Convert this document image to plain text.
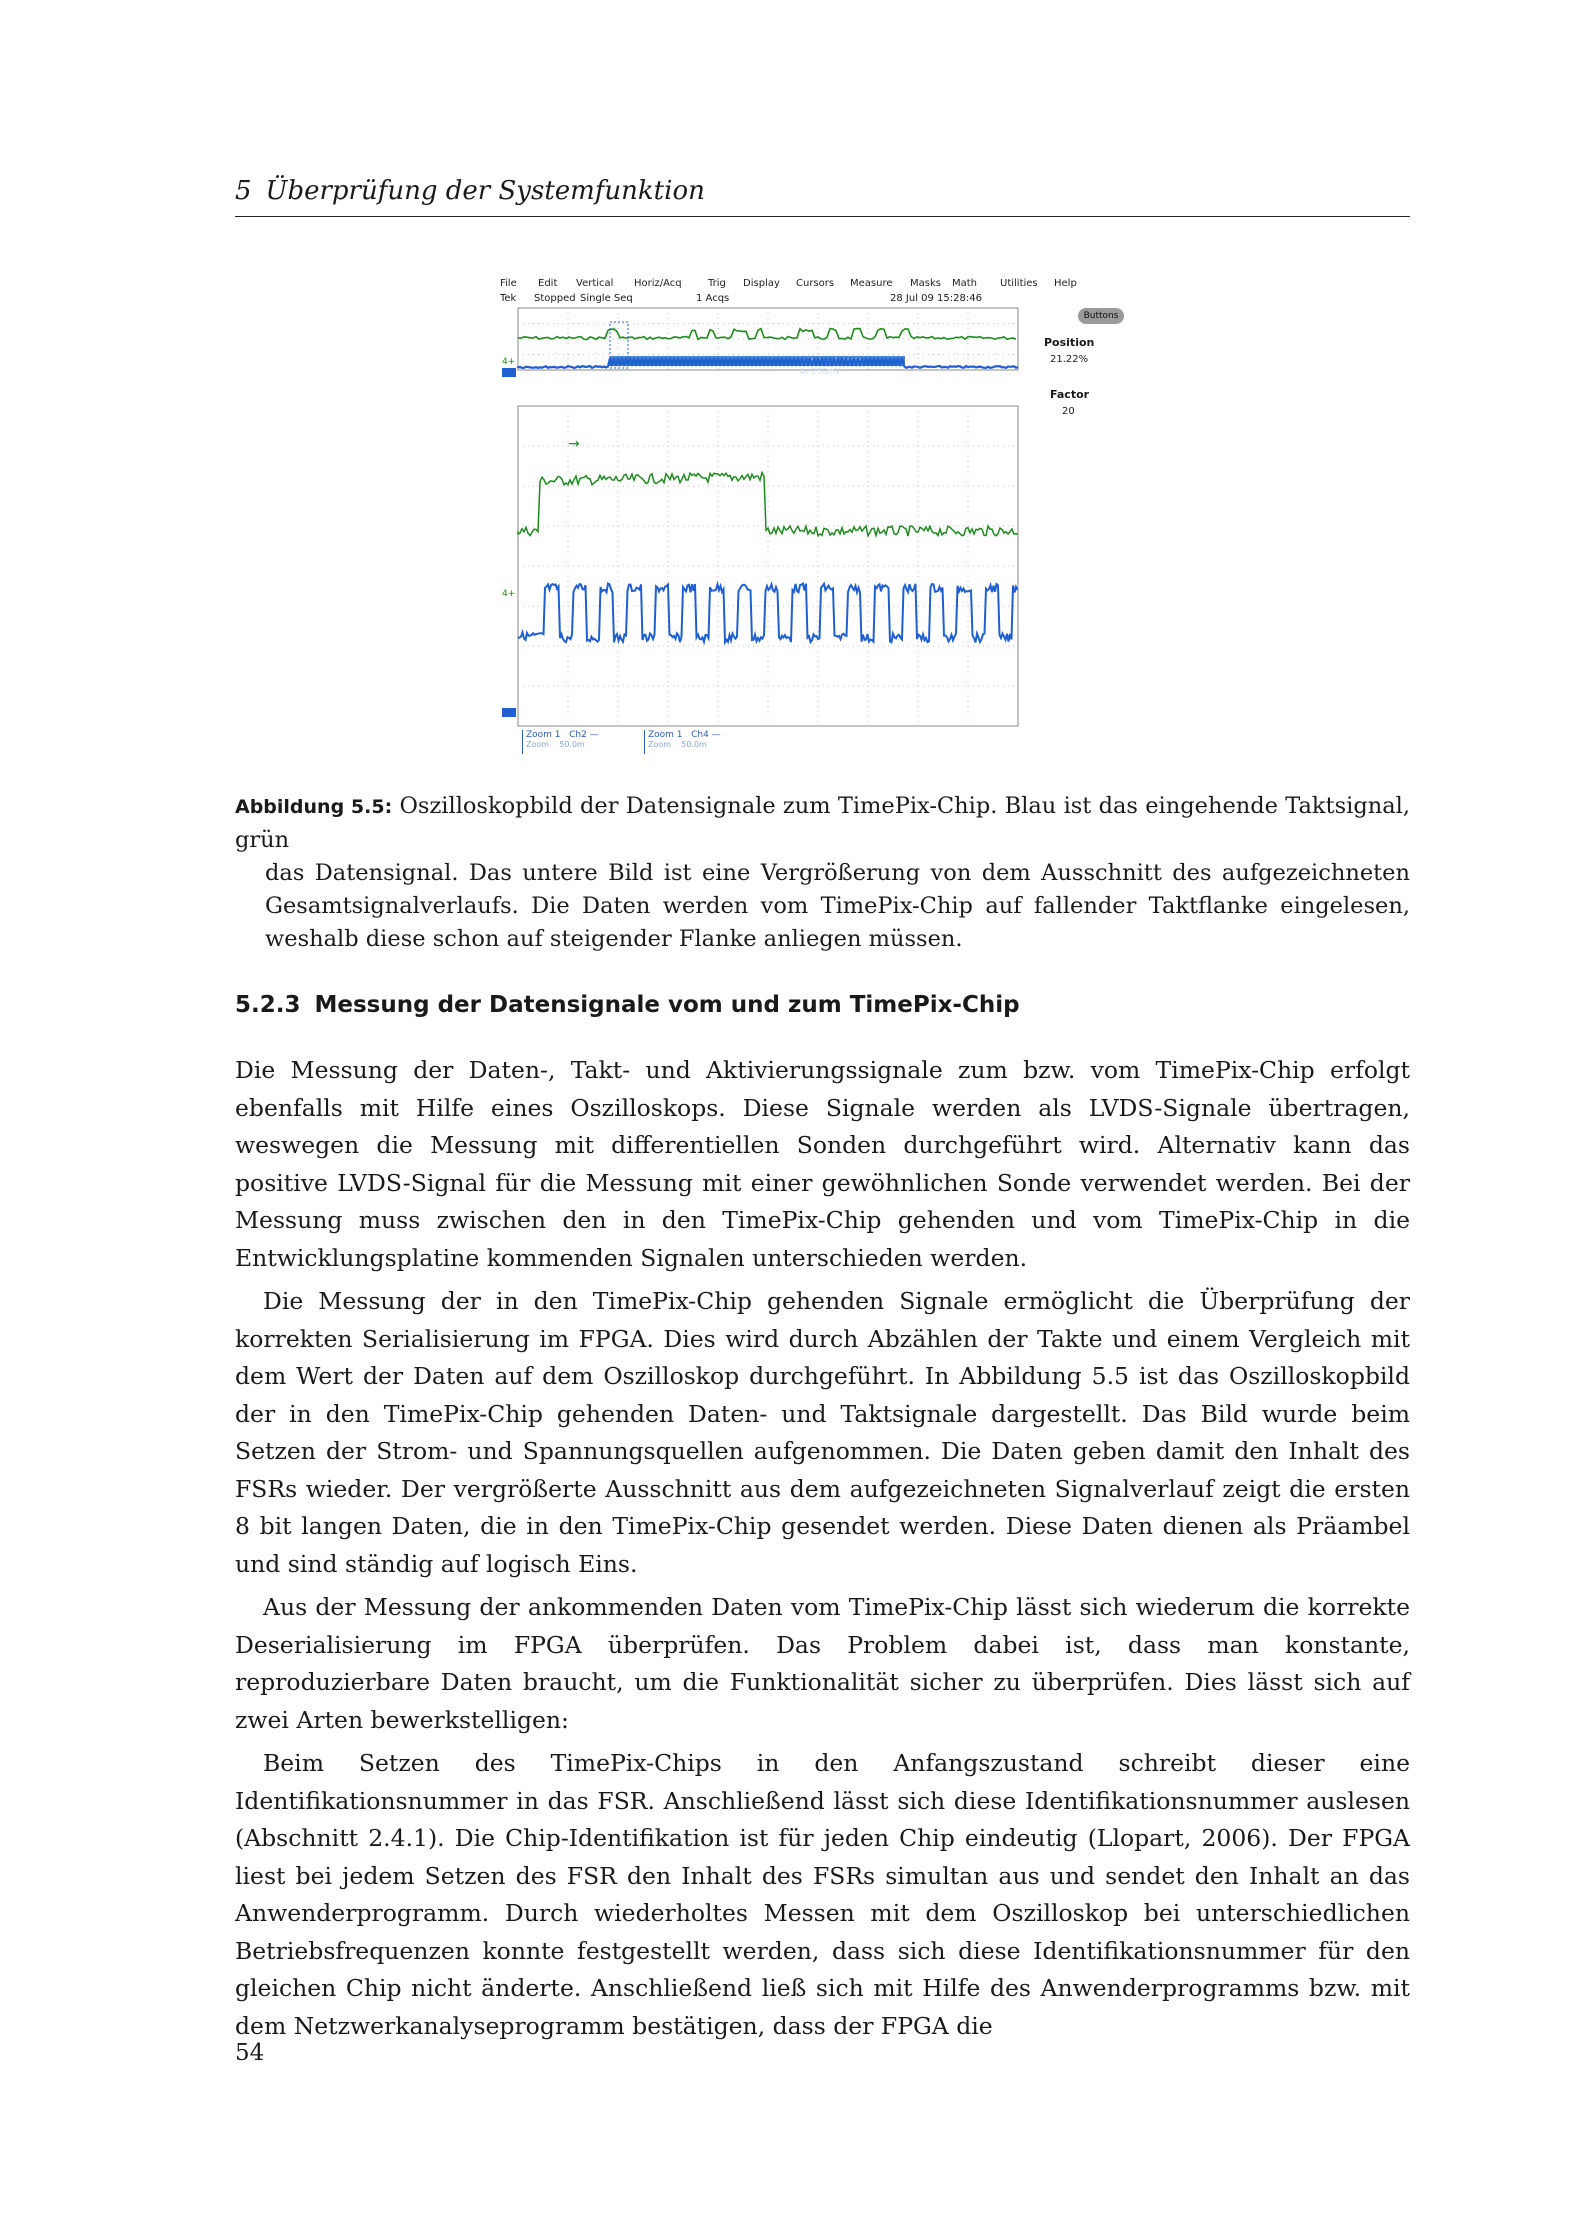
5 Überprüfung der Systemfunktion
File Edit Vertical Horiz/Acq	Trig Display Cursors Measure Masks Math Utilities Help
Tek Stopped Single Seq	1 Acqs	28 Jul 09 15:28:46
Buttons
Position
21.22%
Factor
20
M 1.0µs 5.0GS/s
A ⁄ 250mV
4+
→
4+
Zoom 1 Ch2 —
Zoom 50.0m
Zoom 1 Ch4 —
Zoom 50.0m
Abbildung 5.5: Oszilloskopbild der Datensignale zum TimePix-Chip. Blau ist das eingehende Taktsignal, grün
das Datensignal. Das untere Bild ist eine Vergrößerung von dem Ausschnitt des aufgezeichneten Gesamtsignalverlaufs. Die Daten werden vom TimePix-Chip auf fallender Taktflanke eingelesen, weshalb diese schon auf steigender Flanke anliegen müssen.
5.2.3 Messung der Datensignale vom und zum TimePix-Chip

Die Messung der Daten-, Takt- und Aktivierungssignale zum bzw. vom TimePix-Chip erfolgt ebenfalls mit Hilfe eines Oszilloskops. Diese Signale werden als LVDS-Signale übertragen, weswegen die Messung mit differentiellen Sonden durchgeführt wird. Alternativ kann das positive LVDS-Signal für die Messung mit einer gewöhnlichen Sonde verwendet werden. Bei der Messung muss zwischen den in den TimePix-Chip gehenden und vom TimePix-Chip in die Entwicklungsplatine kommenden Signalen unterschieden werden.

Die Messung der in den TimePix-Chip gehenden Signale ermöglicht die Überprüfung der korrekten Serialisierung im FPGA. Dies wird durch Abzählen der Takte und einem Vergleich mit dem Wert der Daten auf dem Oszilloskop durchgeführt. In Abbildung 5.5 ist das Oszilloskopbild der in den TimePix-Chip gehenden Daten- und Taktsignale dargestellt. Das Bild wurde beim Setzen der Strom- und Spannungsquellen aufgenommen. Die Daten geben damit den Inhalt des FSRs wieder. Der vergrößerte Ausschnitt aus dem aufgezeichneten Signalverlauf zeigt die ersten 8 bit langen Daten, die in den TimePix-Chip gesendet werden. Diese Daten dienen als Präambel und sind ständig auf logisch Eins.

Aus der Messung der ankommenden Daten vom TimePix-Chip lässt sich wiederum die korrekte Deserialisierung im FPGA überprüfen. Das Problem dabei ist, dass man konstante, reproduzierbare Daten braucht, um die Funktionalität sicher zu überprüfen. Dies lässt sich auf zwei Arten bewerkstelligen:

Beim Setzen des TimePix-Chips in den Anfangszustand schreibt dieser eine Identifikationsnummer in das FSR. Anschließend lässt sich diese Identifikationsnummer auslesen (Abschnitt 2.4.1). Die Chip-Identifikation ist für jeden Chip eindeutig (Llopart, 2006). Der FPGA liest bei jedem Setzen des FSR den Inhalt des FSRs simultan aus und sendet den Inhalt an das Anwenderprogramm. Durch wiederholtes Messen mit dem Oszilloskop bei unterschiedlichen Betriebsfrequenzen konnte festgestellt werden, dass sich diese Identifikationsnummer für den gleichen Chip nicht änderte. Anschließend ließ sich mit Hilfe des Anwenderprogramms bzw. mit dem Netzwerkanalyseprogramm bestätigen, dass der FPGA die

54
